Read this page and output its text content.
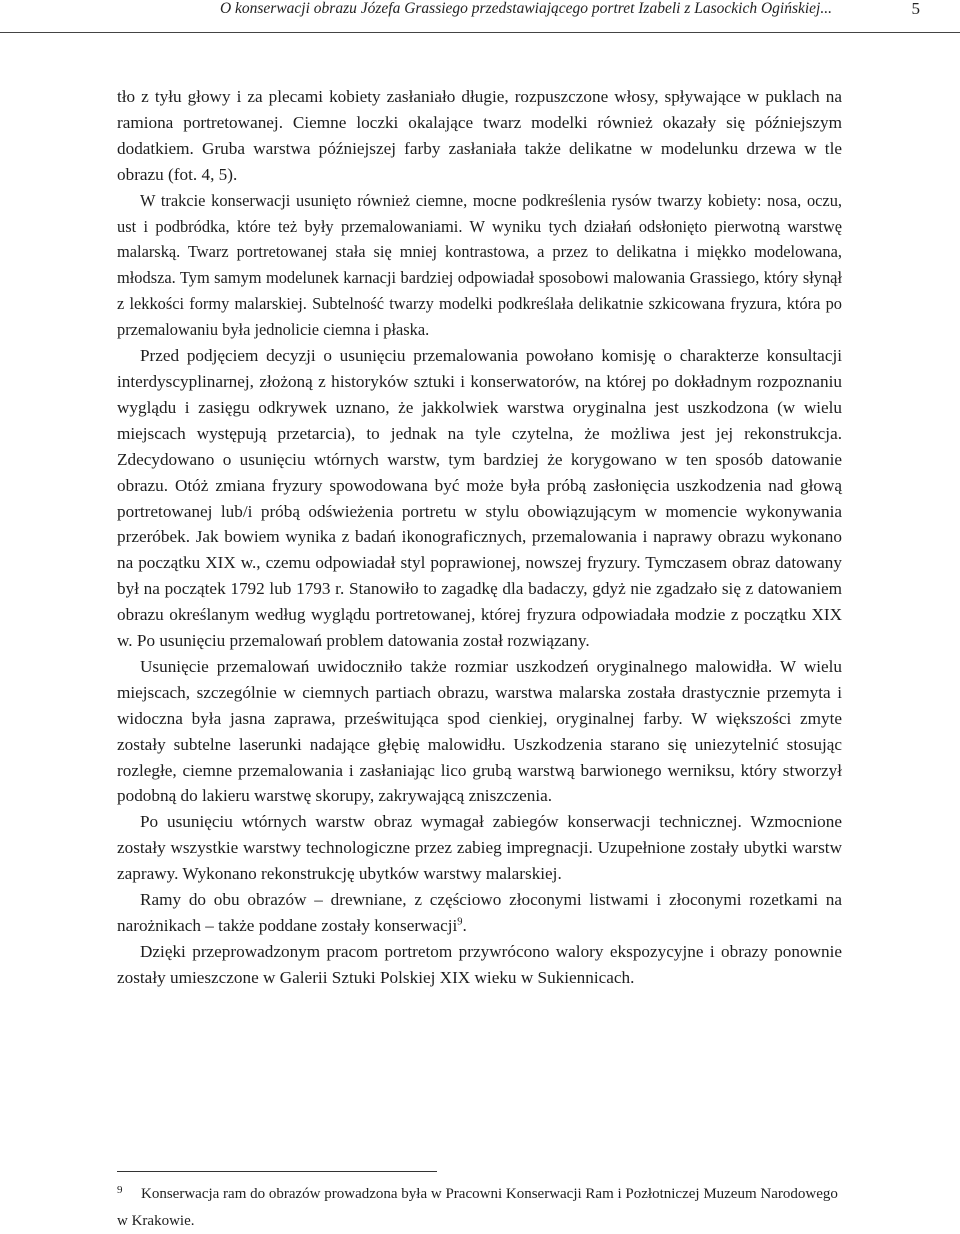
O konserwacji obrazu Józefa Grassiego przedstawiającego portret Izabeli z Lasockich Ogińskiej...	5

tło z tyłu głowy i za plecami kobiety zasłaniało długie, rozpuszczone włosy, spływające w puklach na ramiona portretowanej. Ciemne loczki okalające twarz modelki również okazały się późniejszym dodatkiem. Gruba warstwa późniejszej farby zasłaniała także delikatne w modelunku drzewa w tle obrazu (fot. 4, 5).

W trakcie konserwacji usunięto również ciemne, mocne podkreślenia rysów twarzy kobiety: nosa, oczu, ust i podbródka, które też były przemalowaniami. W wyniku tych działań odsłonięto pierwotną warstwę malarską. Twarz portretowanej stała się mniej kontrastowa, a przez to delikatna i miękko modelowana, młodsza. Tym samym modelunek karnacji bardziej odpowiadał sposobowi malowania Grassiego, który słynął z lekkości formy malarskiej. Subtelność twarzy modelki podkreślała delikatnie szkicowana fryzura, która po przemalowaniu była jednolicie ciemna i płaska.

Przed podjęciem decyzji o usunięciu przemalowania powołano komisję o charakterze konsultacji interdyscyplinarnej, złożoną z historyków sztuki i konserwatorów, na której po dokładnym rozpoznaniu wyglądu i zasięgu odkrywek uznano, że jakkolwiek warstwa oryginalna jest uszkodzona (w wielu miejscach występują przetarcia), to jednak na tyle czytelna, że możliwa jest jej rekonstrukcja. Zdecydowano o usunięciu wtórnych warstw, tym bardziej że korygowano w ten sposób datowanie obrazu. Otóż zmiana fryzury spowodowana być może była próbą zasłonięcia uszkodzenia nad głową portretowanej lub/i próbą odświeżenia portretu w stylu obowiązującym w momencie wykonywania przeróbek. Jak bowiem wynika z badań ikonograficznych, przemalowania i naprawy obrazu wykonano na początku XIX w., czemu odpowiadał styl poprawionej, nowszej fryzury. Tymczasem obraz datowany był na początek 1792 lub 1793 r. Stanowiło to zagadkę dla badaczy, gdyż nie zgadzało się z datowaniem obrazu określanym według wyglądu portretowanej, której fryzura odpowiadała modzie z początku XIX w. Po usunięciu przemalowań problem datowania został rozwiązany.

Usunięcie przemalowań uwidoczniło także rozmiar uszkodzeń oryginalnego malowidła. W wielu miejscach, szczególnie w ciemnych partiach obrazu, warstwa malarska została drastycznie przemyta i widoczna była jasna zaprawa, prześwitująca spod cienkiej, oryginalnej farby. W większości zmyte zostały subtelne laserunki nadające głębię malowidłu. Uszkodzenia starano się uniezytelnić stosując rozległe, ciemne przemalowania i zasłaniając lico grubą warstwą barwionego werniksu, który stworzył podobną do lakieru warstwę skorupy, zakrywającą zniszczenia.

Po usunięciu wtórnych warstw obraz wymagał zabiegów konserwacji technicznej. Wzmocnione zostały wszystkie warstwy technologiczne przez zabieg impregnacji. Uzupełnione zostały ubytki warstw zaprawy. Wykonano rekonstrukcję ubytków warstwy malarskiej.

Ramy do obu obrazów – drewniane, z częściowo złoconymi listwami i złoconymi rozetkami na narożnikach – także poddane zostały konserwacji$^9$.

Dzięki przeprowadzonym pracom portretom przywrócono walory ekspozycyjne i obrazy ponownie zostały umieszczone w Galerii Sztuki Polskiej XIX wieku w Sukiennicach.

9 Konserwacja ram do obrazów prowadzona była w Pracowni Konserwacji Ram i Pozłotniczej Muzeum Narodowego w Krakowie.
